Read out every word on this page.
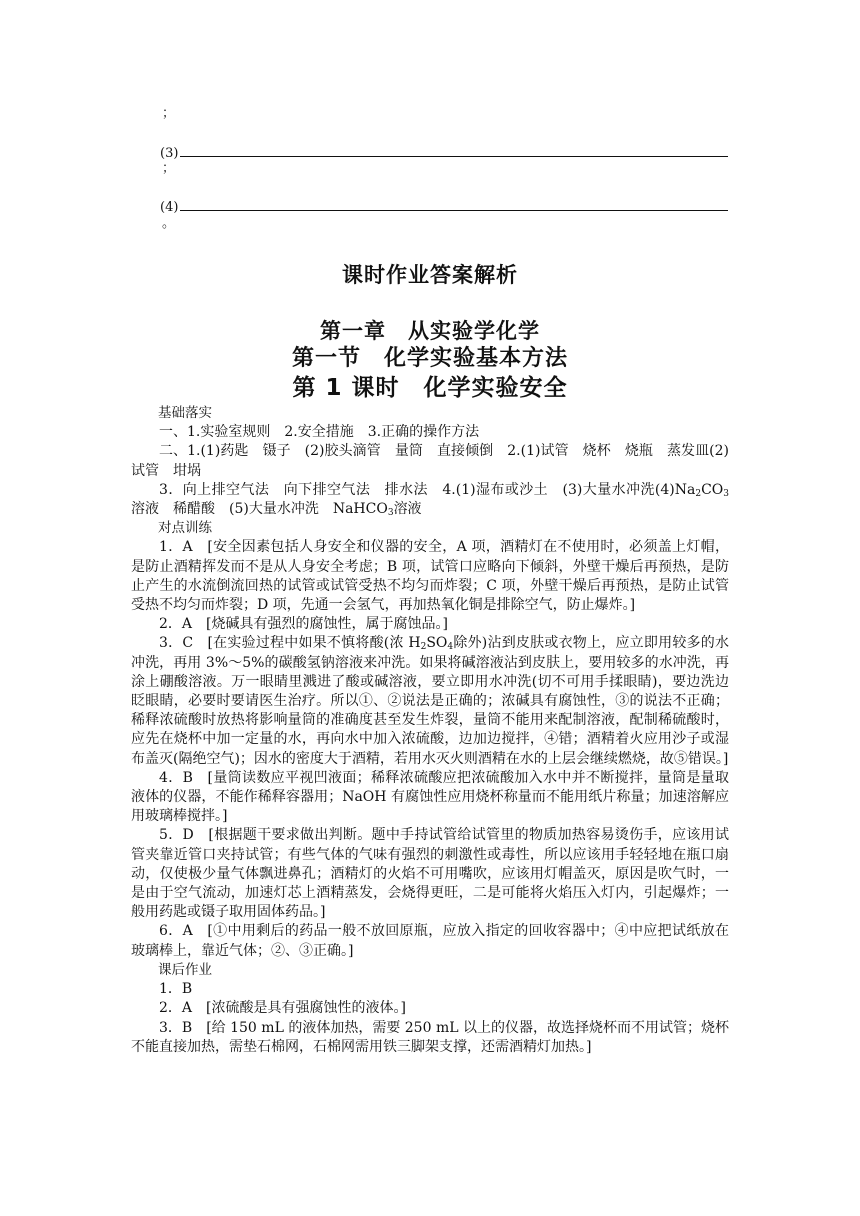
；
(3)
；
(4)
。
课时作业答案解析
第一章　从实验学化学
第一节　化学实验基本方法
第 1 课时　化学实验安全

基础落实

一、1.实验室规则　2.安全措施　3.正确的操作方法

二、1.(1)药匙　镊子　(2)胶头滴管　量筒　直接倾倒　2.(1)试管　烧杯　烧瓶　蒸发皿(2)试管　坩埚

3．向上排空气法　向下排空气法　排水法　4.(1)湿布或沙土　(3)大量水冲洗$(4)Na_2CO_3$溶液　稀醋酸　(5)大量水冲洗　NaHCO$_3$溶液

对点训练

1．A　[安全因素包括人身安全和仪器的安全，A 项，酒精灯在不使用时，必须盖上灯帽，是防止酒精挥发而不是从人身安全考虑；B 项，试管口应略向下倾斜，外壁干燥后再预热，是防止产生的水流倒流回热的试管或试管受热不均匀而炸裂；C 项，外壁干燥后再预热，是防止试管受热不均匀而炸裂；D 项，先通一会氢气，再加热氧化铜是排除空气，防止爆炸。]

2．A　[烧碱具有强烈的腐蚀性，属于腐蚀品。]

3．C　[在实验过程中如果不慎将酸(浓 $H_2SO_4$除外)沾到皮肤或衣物上，应立即用较多的水冲洗，再用 3%～5%的碳酸氢钠溶液来冲洗。如果将碱溶液沾到皮肤上，要用较多的水冲洗，再涂上硼酸溶液。万一眼睛里溅进了酸或碱溶液，要立即用水冲洗(切不可用手揉眼睛)，要边洗边眨眼睛，必要时要请医生治疗。所以①、②说法是正确的；浓碱具有腐蚀性，③的说法不正确；稀释浓硫酸时放热将影响量筒的准确度甚至发生炸裂，量筒不能用来配制溶液，配制稀硫酸时，应先在烧杯中加一定量的水，再向水中加入浓硫酸，边加边搅拌，④错；酒精着火应用沙子或湿布盖灭(隔绝空气)；因水的密度大于酒精，若用水灭火则酒精在水的上层会继续燃烧，故⑤错误。]

4．B　[量筒读数应平视凹液面；稀释浓硫酸应把浓硫酸加入水中并不断搅拌，量筒是量取液体的仪器，不能作稀释容器用；NaOH 有腐蚀性应用烧杯称量而不能用纸片称量；加速溶解应用玻璃棒搅拌。]

5．D　[根据题干要求做出判断。题中手持试管给试管里的物质加热容易烫伤手，应该用试管夹靠近管口夹持试管；有些气体的气味有强烈的刺激性或毒性，所以应该用手轻轻地在瓶口扇动，仅使极少量气体飘进鼻孔；酒精灯的火焰不可用嘴吹，应该用灯帽盖灭，原因是吹气时，一是由于空气流动，加速灯芯上酒精蒸发，会烧得更旺，二是可能将火焰压入灯内，引起爆炸；一般用药匙或镊子取用固体药品。]

6．A　[①中用剩后的药品一般不放回原瓶，应放入指定的回收容器中；④中应把试纸放在玻璃棒上，靠近气体；②、③正确。]

课后作业

1．B

2．A　[浓硫酸是具有强腐蚀性的液体。]

3．B　[给 150 mL 的液体加热，需要 250 mL 以上的仪器，故选择烧杯而不用试管；烧杯不能直接加热，需垫石棉网，石棉网需用铁三脚架支撑，还需酒精灯加热。]
